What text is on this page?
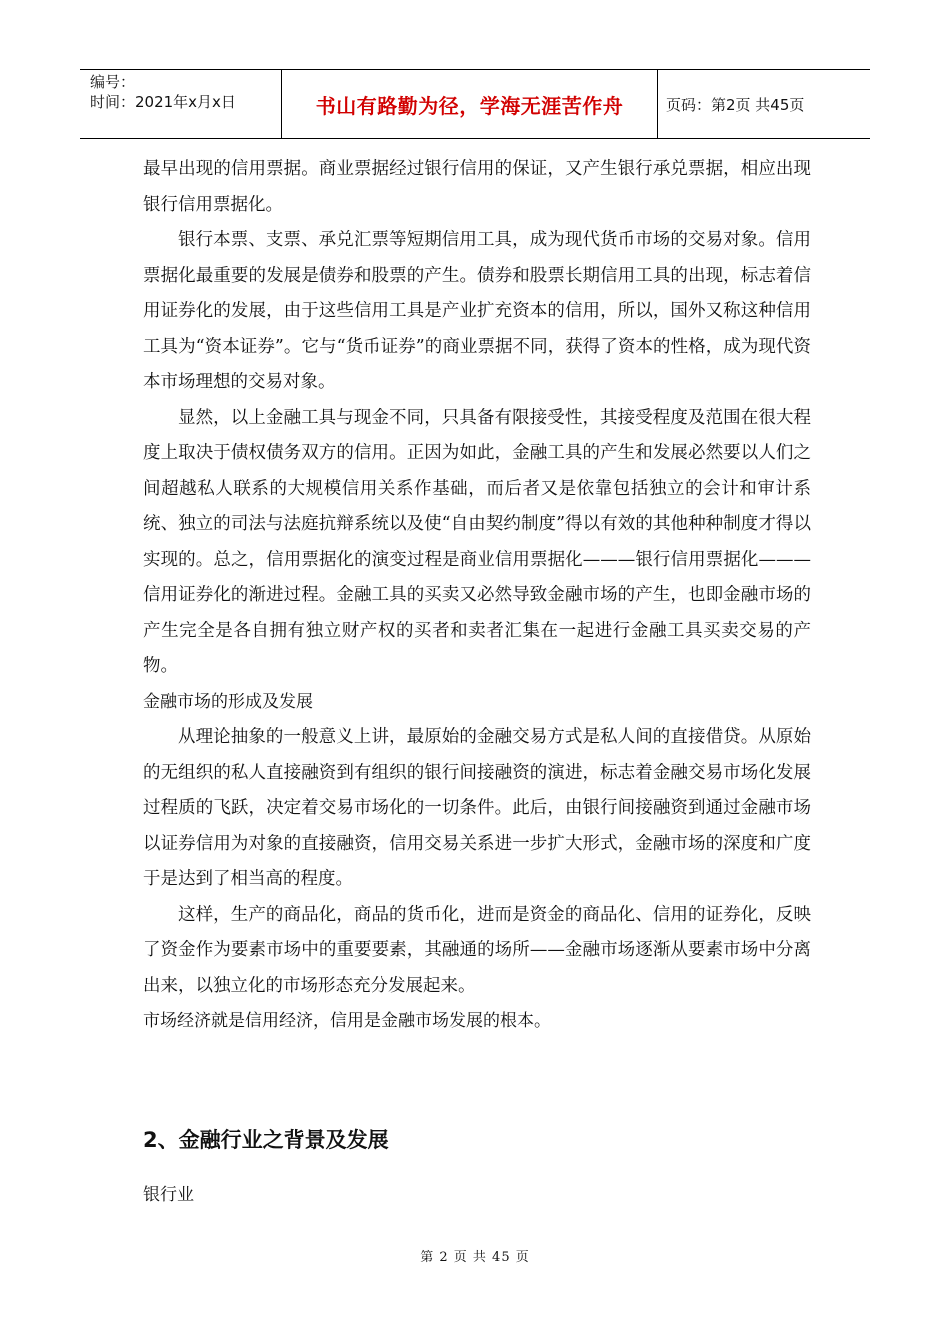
编号：
时间：2021年x月x日	书山有路勤为径，学海无涯苦作舟	页码：第2页 共45页

最早出现的信用票据。商业票据经过银行信用的保证，又产生银行承兑票据，相应出现银行信用票据化。

银行本票、支票、承兑汇票等短期信用工具，成为现代货币市场的交易对象。信用票据化最重要的发展是债券和股票的产生。债券和股票长期信用工具的出现，标志着信用证券化的发展，由于这些信用工具是产业扩充资本的信用，所以，国外又称这种信用工具为“资本证券”。它与“货币证券”的商业票据不同，获得了资本的性格，成为现代资本市场理想的交易对象。

显然，以上金融工具与现金不同，只具备有限接受性，其接受程度及范围在很大程度上取决于债权债务双方的信用。正因为如此，金融工具的产生和发展必然要以人们之间超越私人联系的大规模信用关系作基础，而后者又是依靠包括独立的会计和审计系统、独立的司法与法庭抗辩系统以及使“自由契约制度”得以有效的其他种种制度才得以实现的。总之，信用票据化的演变过程是商业信用票据化———银行信用票据化———信用证券化的渐进过程。金融工具的买卖又必然导致金融市场的产生，也即金融市场的产生完全是各自拥有独立财产权的买者和卖者汇集在一起进行金融工具买卖交易的产物。

金融市场的形成及发展

从理论抽象的一般意义上讲，最原始的金融交易方式是私人间的直接借贷。从原始的无组织的私人直接融资到有组织的银行间接融资的演进，标志着金融交易市场化发展过程质的飞跃，决定着交易市场化的一切条件。此后，由银行间接融资到通过金融市场以证券信用为对象的直接融资，信用交易关系进一步扩大形式，金融市场的深度和广度于是达到了相当高的程度。

这样，生产的商品化，商品的货币化，进而是资金的商品化、信用的证券化，反映了资金作为要素市场中的重要要素，其融通的场所——金融市场逐渐从要素市场中分离出来，以独立化的市场形态充分发展起来。

市场经济就是信用经济，信用是金融市场发展的根本。

2、金融行业之背景及发展

银行业

第 2 页 共 45 页
